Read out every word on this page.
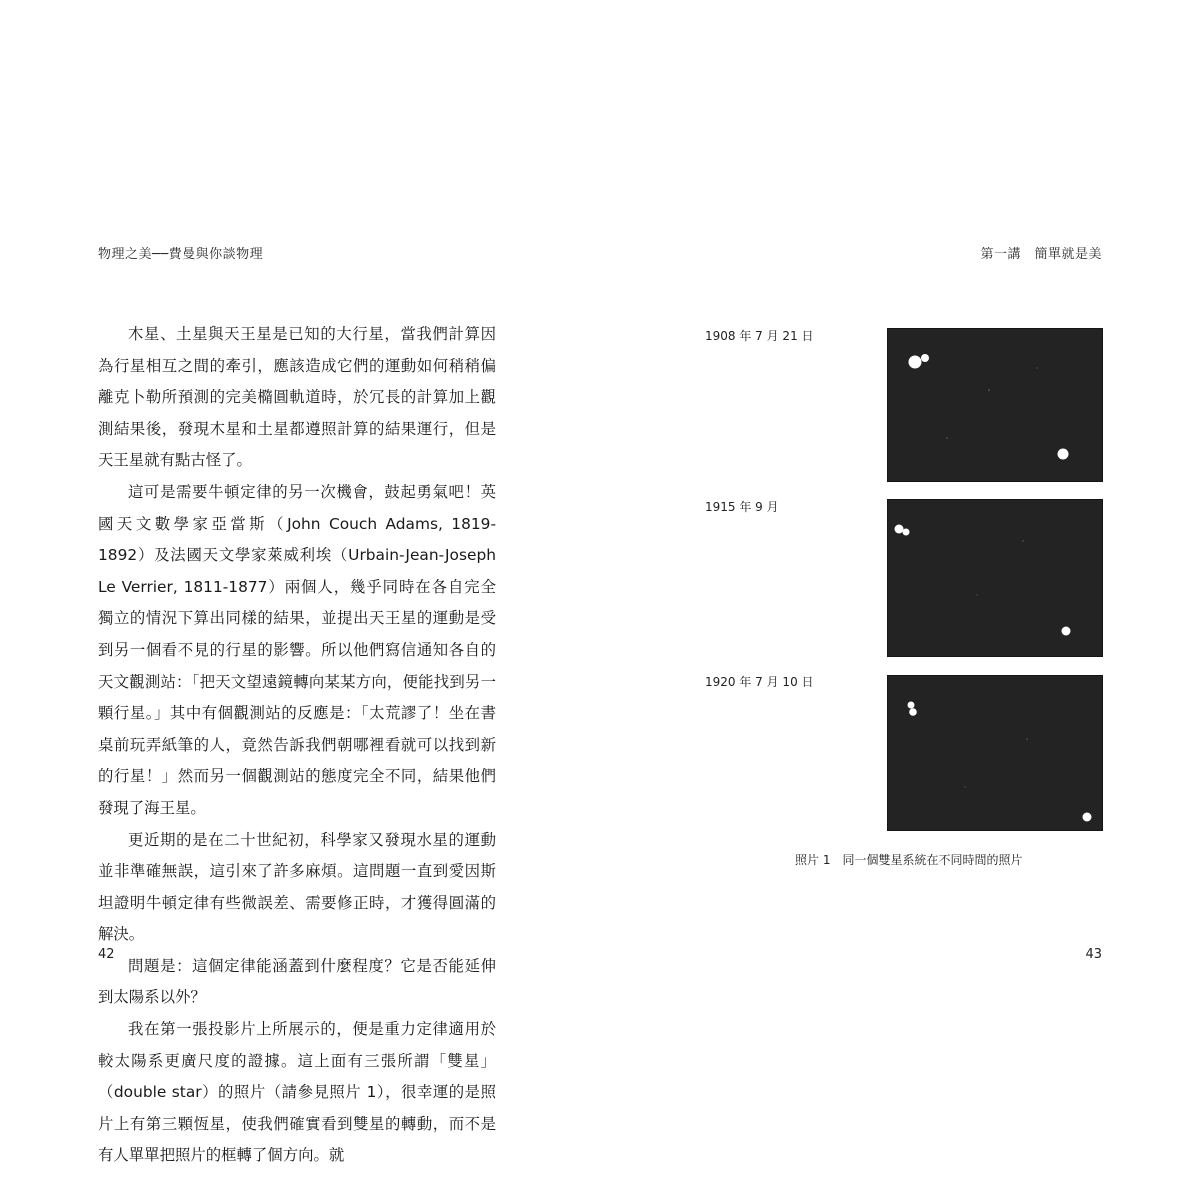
物理之美──費曼與你談物理

木星、土星與天王星是已知的大行星，當我們計算因為行星相互之間的牽引，應該造成它們的運動如何稍稍偏離克卜勒所預測的完美橢圓軌道時，於冗長的計算加上觀測結果後，發現木星和土星都遵照計算的結果運行，但是天王星就有點古怪了。

這可是需要牛頓定律的另一次機會，鼓起勇氣吧！英國天文數學家亞當斯（John Couch Adams, 1819-1892）及法國天文學家萊威利埃（Urbain-Jean-Joseph Le Verrier, 1811-1877）兩個人，幾乎同時在各自完全獨立的情況下算出同樣的結果，並提出天王星的運動是受到另一個看不見的行星的影響。所以他們寫信通知各自的天文觀測站：「把天文望遠鏡轉向某某方向，便能找到另一顆行星。」其中有個觀測站的反應是：「太荒謬了！坐在書桌前玩弄紙筆的人，竟然告訴我們朝哪裡看就可以找到新的行星！」然而另一個觀測站的態度完全不同，結果他們發現了海王星。

更近期的是在二十世紀初，科學家又發現水星的運動並非準確無誤，這引來了許多麻煩。這問題一直到愛因斯坦證明牛頓定律有些微誤差、需要修正時，才獲得圓滿的解決。

問題是：這個定律能涵蓋到什麼程度？它是否能延伸到太陽系以外？

我在第一張投影片上所展示的，便是重力定律適用於較太陽系更廣尺度的證據。這上面有三張所謂「雙星」（double star）的照片（請參見照片 1），很幸運的是照片上有第三顆恆星，使我們確實看到雙星的轉動，而不是有人單單把照片的框轉了個方向。就

42
第一講　簡單就是美
1908 年 7 月 21 日
1915 年 9 月
1920 年 7 月 10 日
照片 1 同一個雙星系統在不同時間的照片
43
